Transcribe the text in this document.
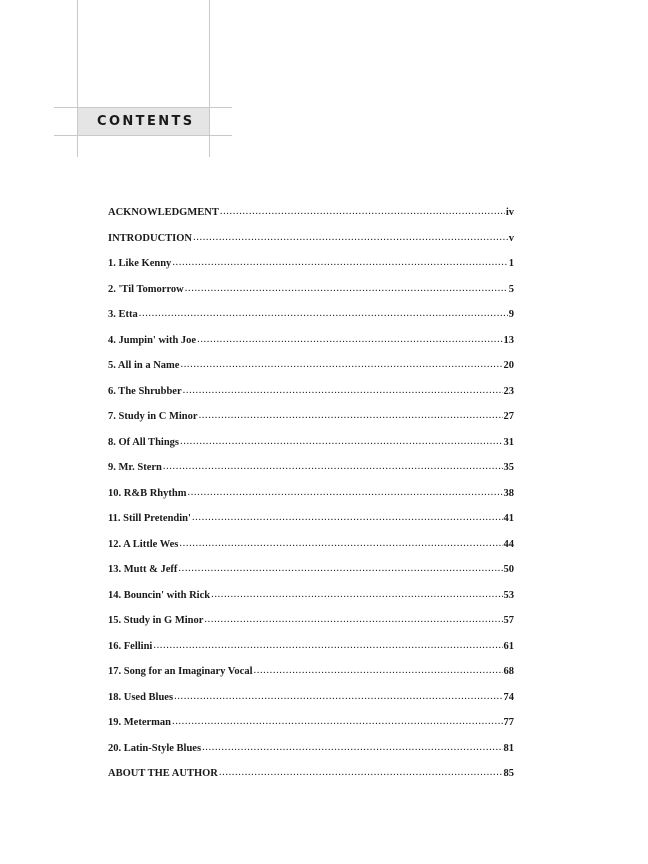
CONTENTS
ACKNOWLEDGMENT .....	iv
INTRODUCTION .....	v
1. Like Kenny .....	1
2. 'Til Tomorrow .....	5
3. Etta .....	9
4. Jumpin' with Joe .....	13
5. All in a Name .....	20
6. The Shrubber .....	23
7. Study in C Minor .....	27
8. Of All Things .....	31
9. Mr. Stern .....	35
10. R&B Rhythm .....	38
11. Still Pretendin' .....	41
12. A Little Wes .....	44
13. Mutt & Jeff .....	50
14. Bouncin' with Rick .....	53
15. Study in G Minor .....	57
16. Fellini .....	61
17. Song for an Imaginary Vocal .....	68
18. Used Blues .....	74
19. Meterman .....	77
20. Latin-Style Blues .....	81
ABOUT THE AUTHOR .....	85
